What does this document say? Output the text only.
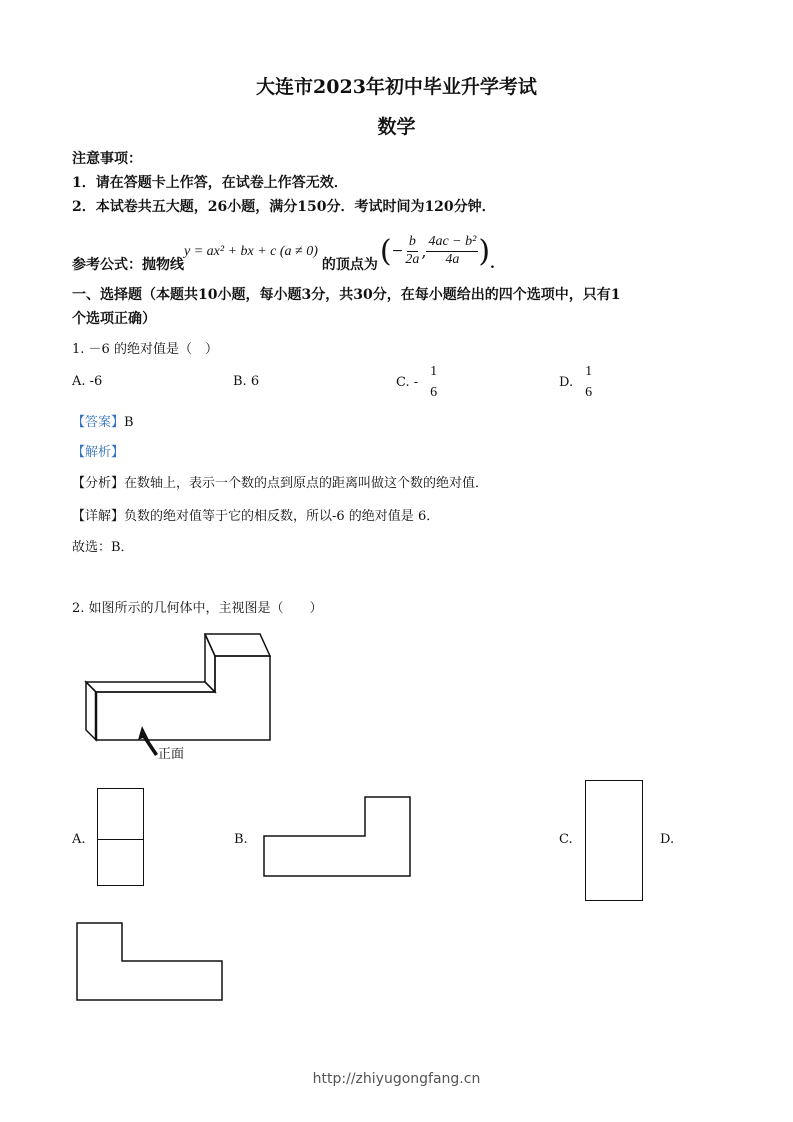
大连市2023年初中毕业升学考试
数学
注意事项：
1．请在答题卡上作答，在试卷上作答无效．
2．本试卷共五大题，26小题，满分150分．考试时间为120分钟．
参考公式：抛物线
y = ax² + bx + c (a ≠ 0)
的顶点为 ( − $\frac{b}{2a}$ , $\frac{\text{4ac − b²}}{4a}$ ) .
一、选择题（本题共10小题，每小题3分，共30分，在每小题给出的四个选项中，只有1
个选项正确）
1. －6 的绝对值是（　）
A. -6	B. 6	C. -
1
6
D.
1
6
【答案】B
【解析】
【分析】在数轴上，表示一个数的点到原点的距离叫做这个数的绝对值．
【详解】负数的绝对值等于它的相反数，所以-6 的绝对值是 6．
故选：B．
2. 如图所示的几何体中，主视图是（　　）
正面
A.	B.	C.	D.
http://zhiyugongfang.cn
